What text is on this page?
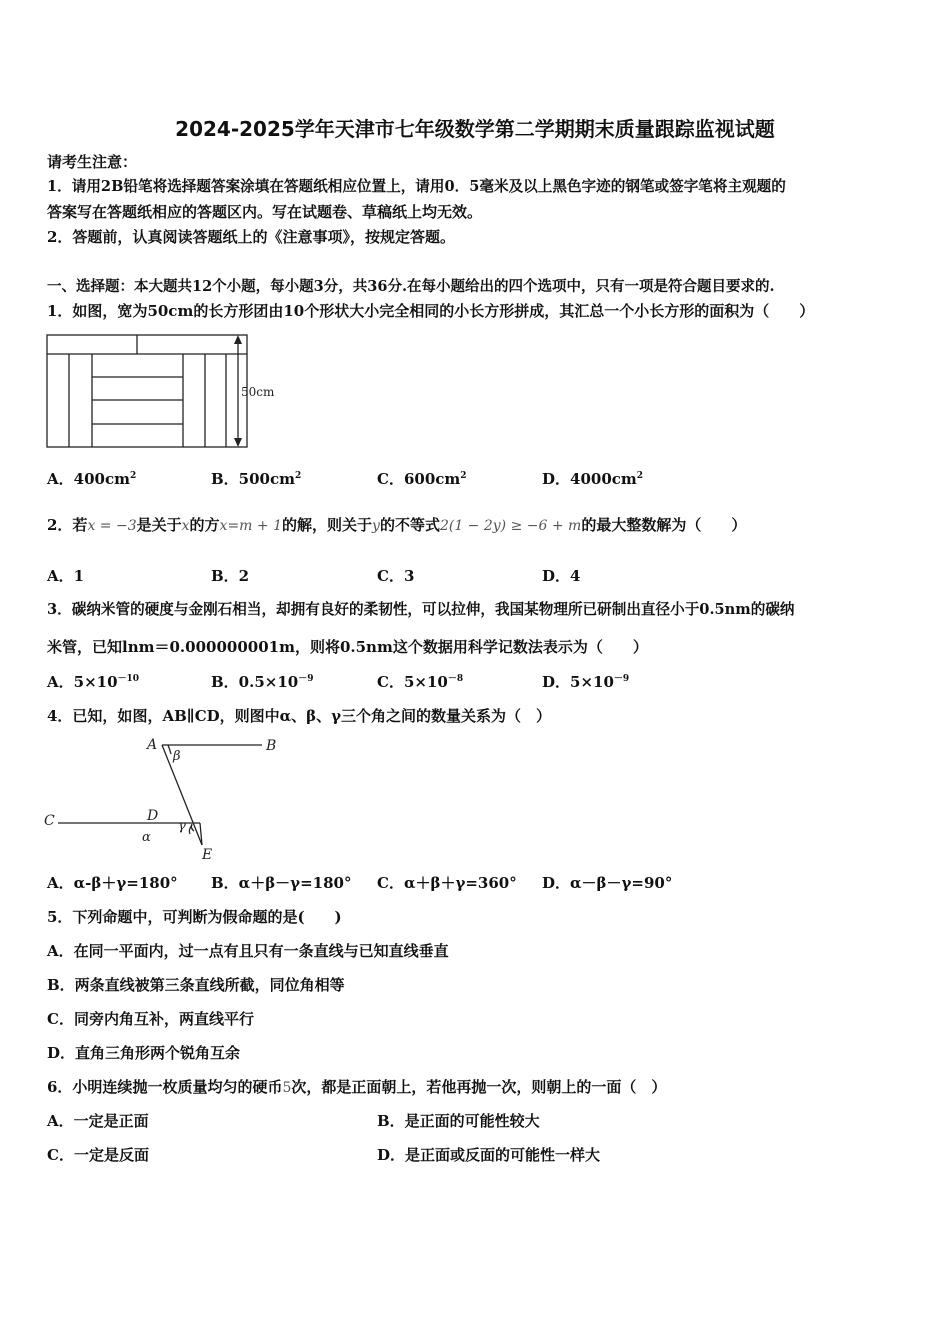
2024-2025学年天津市七年级数学第二学期期末质量跟踪监视试题
请考生注意：
1．请用2B铅笔将选择题答案涂填在答题纸相应位置上，请用0．5毫米及以上黑色字迹的钢笔或签字笔将主观题的
答案写在答题纸相应的答题区内。写在试题卷、草稿纸上均无效。
2．答题前，认真阅读答题纸上的《注意事项》，按规定答题。
一、选择题：本大题共12个小题，每小题3分，共36分.在每小题给出的四个选项中，只有一项是符合题目要求的.
1．如图，宽为50cm的长方形团由10个形状大小完全相同的小长方形拼成，其汇总一个小长方形的面积为（　　）
50cm
A．$400cm^2$	B．$500cm^2$	C．$600cm^2$	D．$4000cm^2$
2．若x = −3是关于x的方x=m + 1的解，则关于y的不等式2(1 − 2y) ≥ −6 + m的最大整数解为（　　）
A．1	B．2	C．3	D．4
3．碳纳米管的硬度与金刚石相当，却拥有良好的柔韧性，可以拉伸，我国某物理所已研制出直径小于0.5nm的碳纳
米管，已知lnm＝0.000000001m，则将0.5nm这个数据用科学记数法表示为（　　）
A．$5\times 10^{-10}$	B．$0.5\times 10^{-9}$	C．$5\times 10^{-8}$	D．$5\times 10^{-9}$
4．已知，如图，AB∥CD，则图中α、β、γ三个角之间的数量关系为（　）
A	B
C	D
E
β
α
γ
A．α-β＋γ=180° B．α＋β－γ=180° C．α＋β＋γ=360° D．α－β－γ=90°
5．下列命题中，可判断为假命题的是(　　)
A．在同一平面内，过一点有且只有一条直线与已知直线垂直
B．两条直线被第三条直线所截，同位角相等
C．同旁内角互补，两直线平行
D．直角三角形两个锐角互余
6．小明连续抛一枚质量均匀的硬币5次，都是正面朝上，若他再抛一次，则朝上的一面（　）
A．一定是正面	B．是正面的可能性较大
C．一定是反面	D．是正面或反面的可能性一样大
